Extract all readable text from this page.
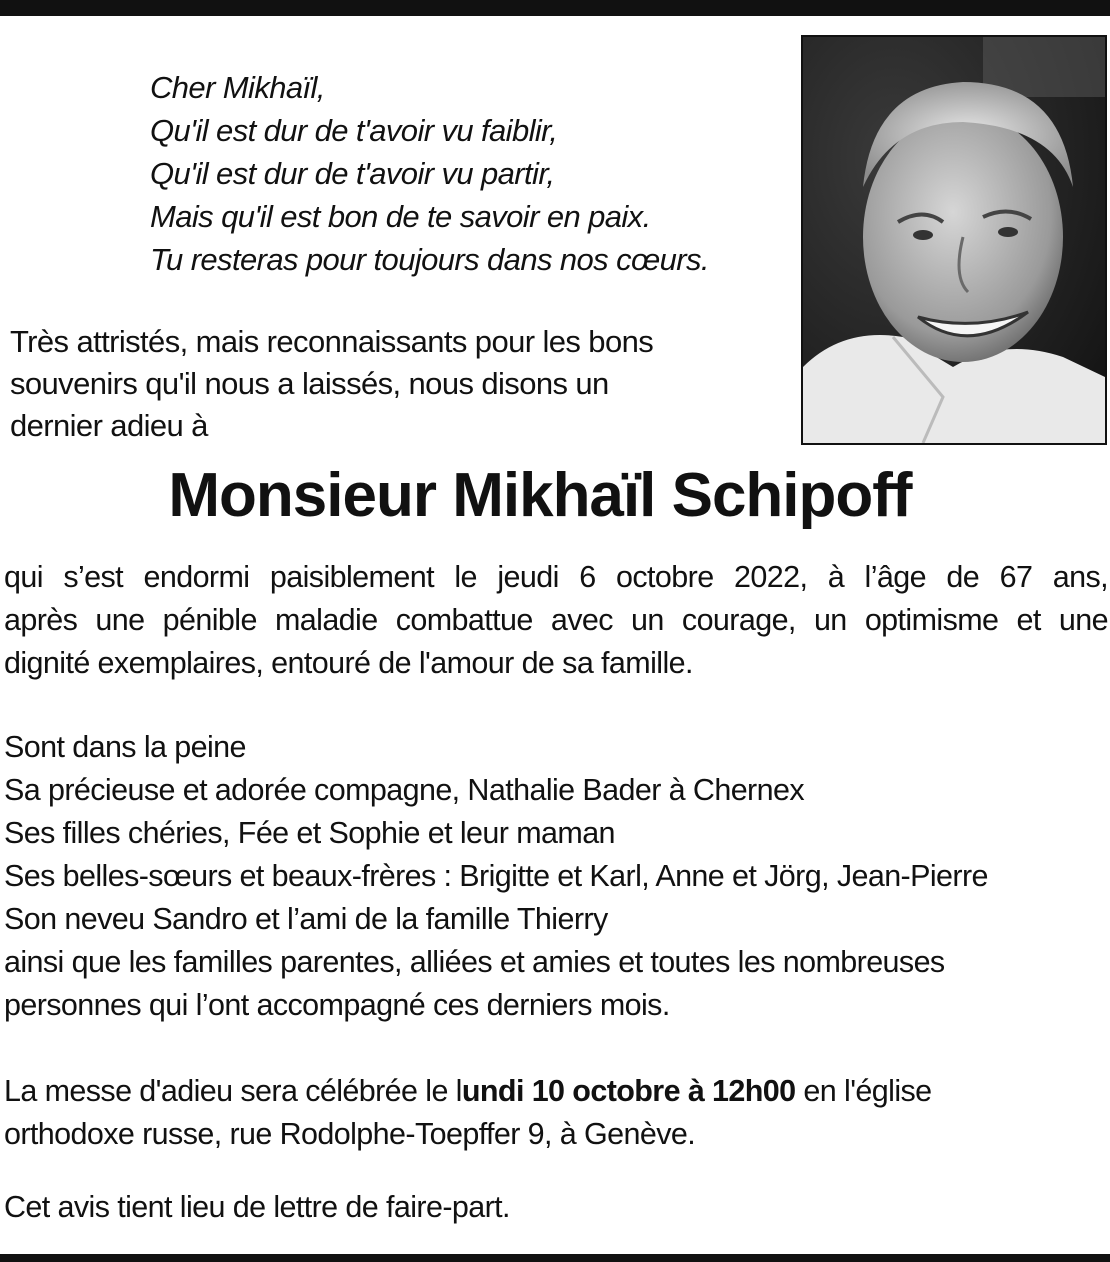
Cher Mikhaïl,
Qu'il est dur de t'avoir vu faiblir,
Qu'il est dur de t'avoir vu partir,
Mais qu'il est bon de te savoir en paix.
Tu resteras pour toujours dans nos cœurs.
Très attristés, mais reconnaissants pour les bons
souvenirs qu'il nous a laissés, nous disons un
dernier adieu à
Monsieur Mikhaïl Schipoff
qui s’est endormi paisiblement le jeudi 6 octobre 2022, à l’âge de 67 ans,
après une pénible maladie combattue avec un courage, un optimisme et une
dignité exemplaires, entouré de l'amour de sa famille.
Sont dans la peine
Sa précieuse et adorée compagne, Nathalie Bader à Chernex
Ses filles chéries, Fée et Sophie et leur maman
Ses belles-sœurs et beaux-frères : Brigitte et Karl, Anne et Jörg, Jean-Pierre
Son neveu Sandro et l’ami de la famille Thierry
ainsi que les familles parentes, alliées et amies et toutes les nombreuses
personnes qui l’ont accompagné ces derniers mois.
La messe d'adieu sera célébrée le lundi 10 octobre à 12h00 en l'église
orthodoxe russe, rue Rodolphe-Toepffer 9, à Genève.
Cet avis tient lieu de lettre de faire-part.
